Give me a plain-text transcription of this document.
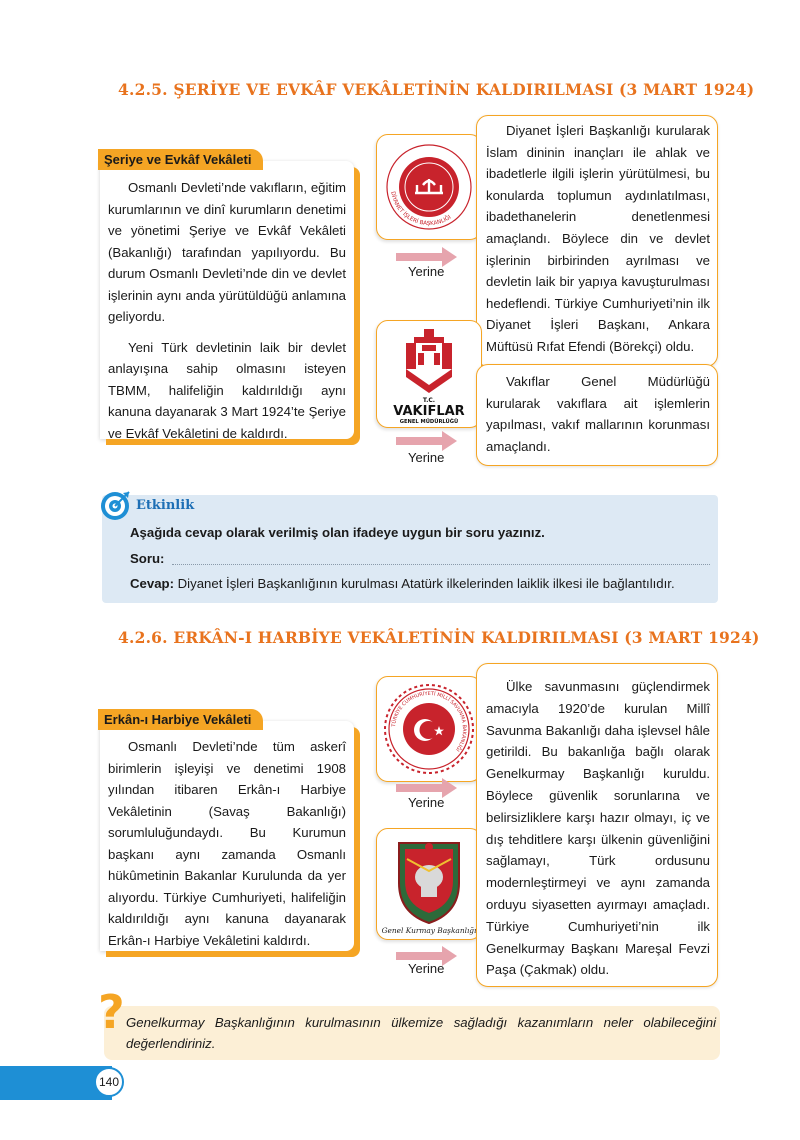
4.2.5. ŞERİYE VE EVKÂF VEKÂLETİNİN KALDIRILMASI (3 MART 1924)
Şeriye ve Evkâf Vekâleti

Osmanlı Devleti’nde vakıfların, eğitim kurumlarının ve dinî kurumların denetimi ve yönetimi Şeriye ve Evkâf Vekâleti (Bakanlığı) tarafından yapılıyordu. Bu durum Osmanlı Devleti’nde din ve devlet işlerinin aynı anda yürütüldüğü anlamına geliyordu.

Yeni Türk devletinin laik bir devlet anlayışına sahip olmasını isteyen TBMM, halifeliğin kaldırıldığı aynı kanuna dayanarak 3 Mart 1924’te Şeriye ve Evkâf Vekâletini de kaldırdı.

DİYANET İŞLERİ BAŞKANLIĞI
Yerine

Diyanet İşleri Başkanlığı kurularak İslam dininin inançları ile ahlak ve ibadetlerle ilgili işlerin yürütülmesi, bu konularda toplumun aydınlatılması, ibadethanelerin denetlenmesi amaçlandı. Böylece din ve devlet işlerinin birbirinden ayrılması ve devletin laik bir yapıya kavuşturulması hedeflendi. Türkiye Cumhuriyeti’nin ilk Diyanet İşleri Başkanı, Ankara Müftüsü Rıfat Efendi (Börekçi) oldu.

T.C.
VAKIFLAR
GENEL MÜDÜRLÜĞÜ
Yerine

Vakıflar Genel Müdürlüğü kurularak vakıflara ait işlemlerin yapılması, vakıf mallarının korunması amaçlandı.

Etkinlik
Aşağıda cevap olarak verilmiş olan ifadeye uygun bir soru yazınız.
Soru:
Cevap: Diyanet İşleri Başkanlığının kurulması Atatürk ilkelerinden laiklik ilkesi ile bağlantılıdır.
4.2.6. ERKÂN-I HARBİYE VEKÂLETİNİN KALDIRILMASI (3 MART 1924)
Erkân-ı Harbiye Vekâleti

Osmanlı Devleti’nde tüm askerî birimlerin işleyişi ve denetimi 1908 yılından itibaren Erkân-ı Harbiye Vekâletinin (Savaş Bakanlığı) sorumluluğundaydı. Bu Kurumun başkanı aynı zamanda Osmanlı hükûmetinin Bakanlar Kurulunda da yer alıyordu. Türkiye Cumhuriyeti, halifeliğin kaldırıldığı aynı kanuna dayanarak Erkân-ı Harbiye Vekâletini kaldırdı.

TÜRKİYE CUMHURİYETİ MİLLÎ SAVUNMA BAKANLIĞI
Yerine
Genel Kurmay Başkanlığı
Yerine

Ülke savunmasını güçlendirmek amacıyla 1920’de kurulan Millî Savunma Bakanlığı daha işlevsel hâle getirildi. Bu bakanlığa bağlı olarak Genelkurmay Başkanlığı kuruldu. Böylece güvenlik sorunlarına ve belirsizliklere karşı hazır olmayı, iç ve dış tehditlere karşı ülkenin güvenliğini sağlamayı, Türk ordusunu modernleştirmeyi ve aynı zamanda orduyu siyasetten ayırmayı amaçladı. Türkiye Cumhuriyeti’nin ilk Genelkurmay Başkanı Mareşal Fevzi Paşa (Çakmak) oldu.

? Genelkurmay Başkanlığının kurulmasının ülkemize sağladığı kazanımların neler olabileceğini değerlendiriniz.
140
